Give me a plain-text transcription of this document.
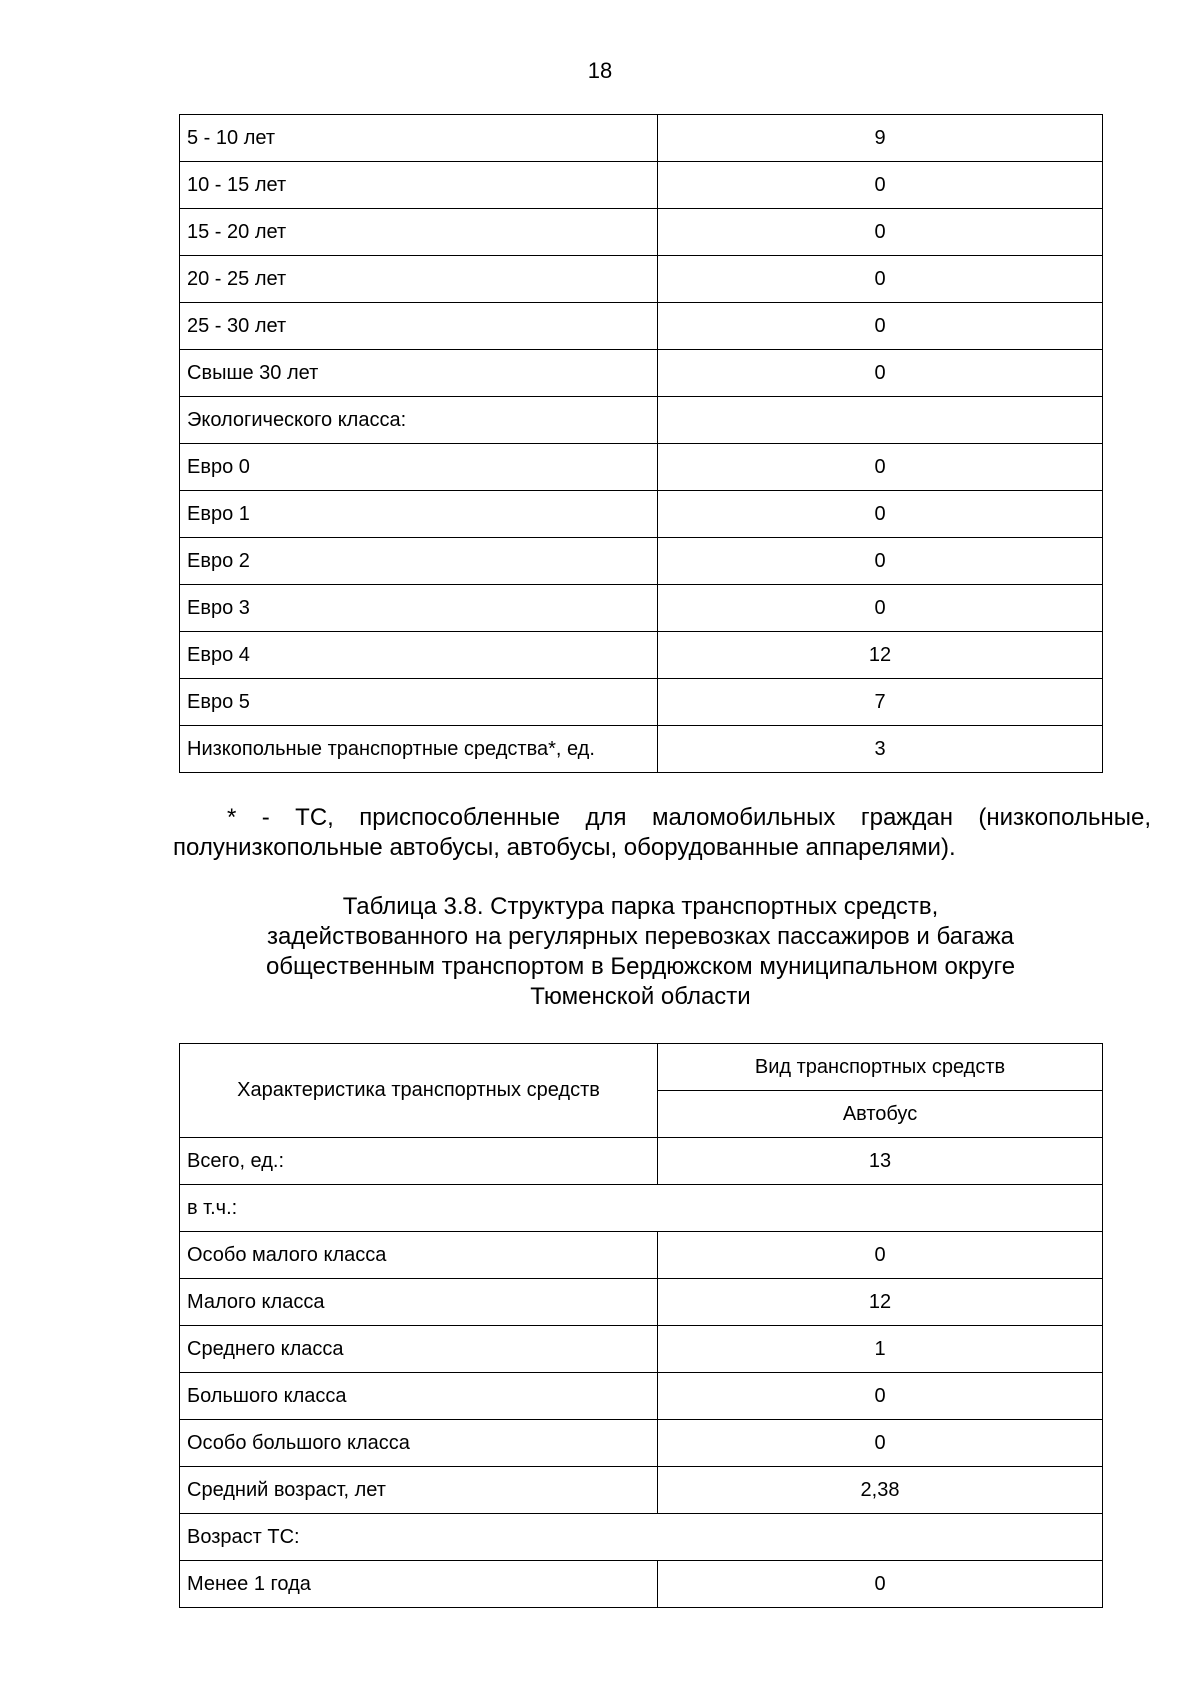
18
5 - 10 лет	9
10 - 15 лет	0
15 - 20 лет	0
20 - 25 лет	0
25 - 30 лет	0
Свыше 30 лет	0
Экологического класса:	
Евро 0	0
Евро 1	0
Евро 2	0
Евро 3	0
Евро 4	12
Евро 5	7
Низкопольные транспортные средства*, ед.	3

* - ТС, приспособленные для маломобильных граждан (низкопольные,

полунизкопольные автобусы, автобусы, оборудованные аппарелями).

Таблица 3.8. Структура парка транспортных средств,
задействованного на регулярных перевозках пассажиров и багажа
общественным транспортом в Бердюжском муниципальном округе
Тюменской области
Характеристика транспортных средств	Вид транспортных средств
	Автобус
Всего, ед.:	13
в т.ч.:	
Особо малого класса	0
Малого класса	12
Среднего класса	1
Большого класса	0
Особо большого класса	0
Средний возраст, лет	2,38
Возраст ТС:	
Менее 1 года	0
